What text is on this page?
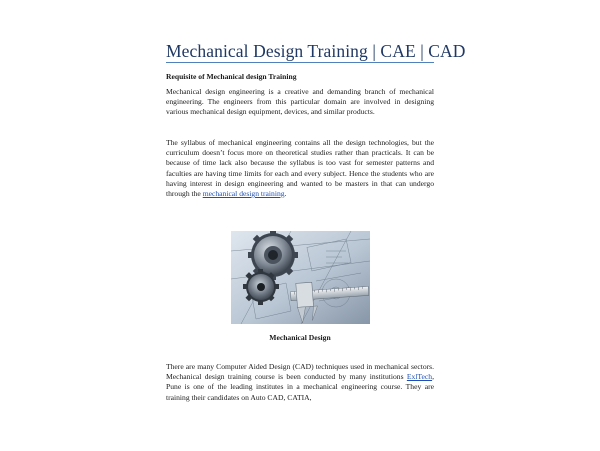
Mechanical Design Training | CAE | CAD
Requisite of Mechanical design Training
Mechanical design engineering is a creative and demanding branch of mechanical engineering. The engineers from this particular domain are involved in designing various mechanical design equipment, devices, and similar products.
The syllabus of mechanical engineering contains all the design technologies, but the curriculum doesn’t focus more on theoretical studies rather than practicals. It can be because of time lack also because the syllabus is too vast for semester patterns and faculties are having time limits for each and every subject. Hence the students who are having interest in design engineering and wanted to be masters in that can undergo through the mechanical design training.
Mechanical Design
There are many Computer Aided Design (CAD) techniques used in mechanical sectors. Mechanical design training course is been conducted by many institutions ExlTech, Pune is one of the leading institutes in a mechanical engineering course. They are training their candidates on Auto CAD, CATIA,
